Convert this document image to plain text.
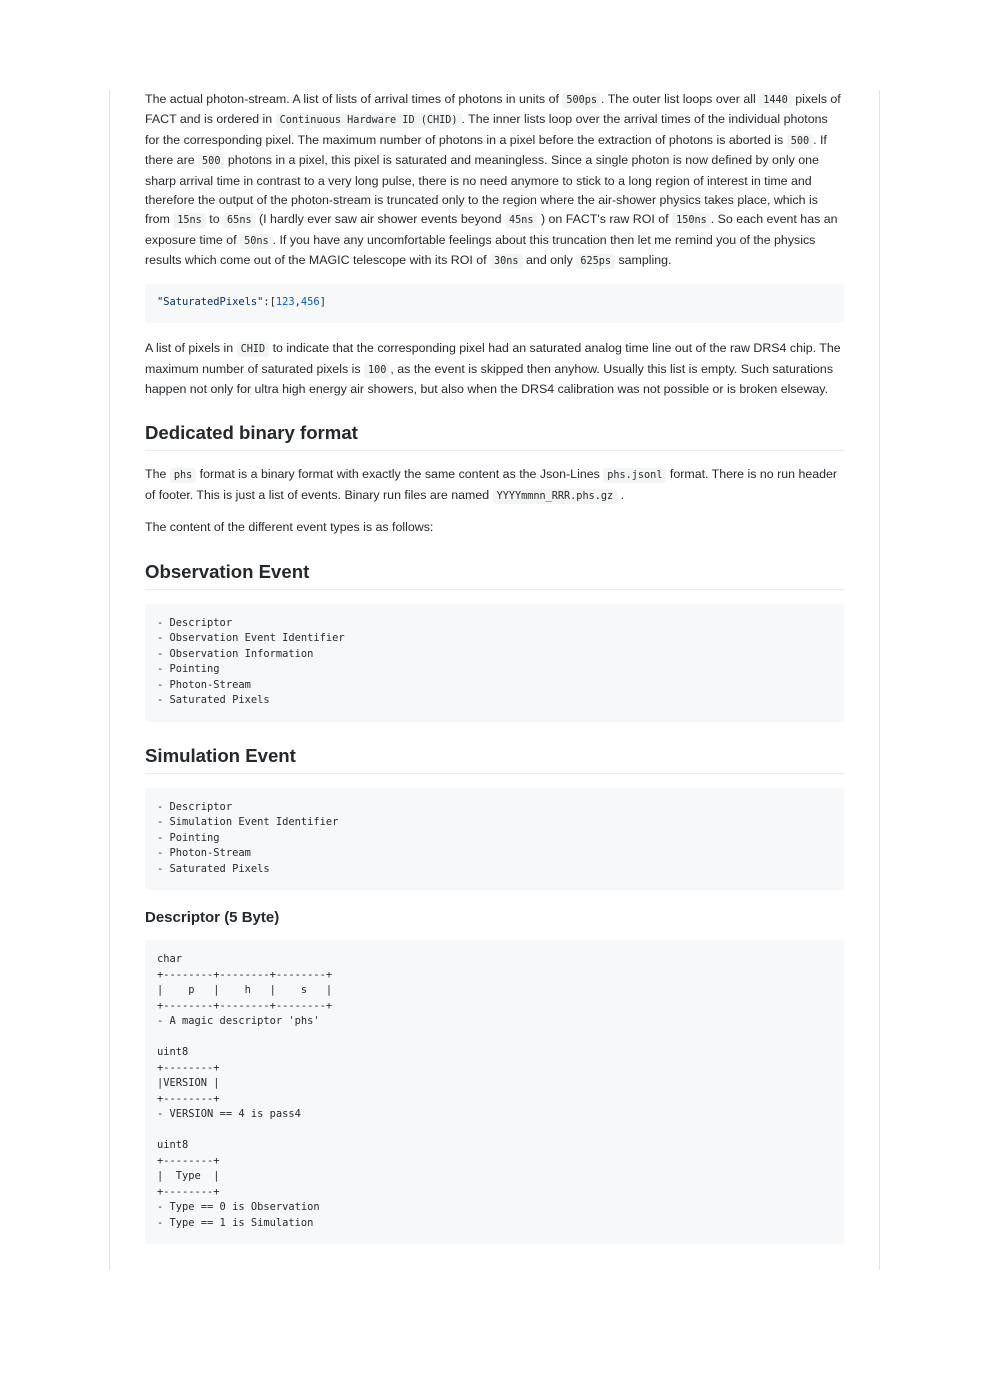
The actual photon-stream. A list of lists of arrival times of photons in units of 500ps . The outer list loops over all 1440 pixels of FACT and is ordered in Continuous Hardware ID (CHID) . The inner lists loop over the arrival times of the individual photons for the corresponding pixel. The maximum number of photons in a pixel before the extraction of photons is aborted is 500 . If there are 500 photons in a pixel, this pixel is saturated and meaningless. Since a single photon is now defined by only one sharp arrival time in contrast to a very long pulse, there is no need anymore to stick to a long region of interest in time and therefore the output of the photon-stream is truncated only to the region where the air-shower physics takes place, which is from 15ns to 65ns (I hardly ever saw air shower events beyond 45ns ) on FACT's raw ROI of 150ns . So each event has an exposure time of 50ns . If you have any uncomfortable feelings about this truncation then let me remind you of the physics results which come out of the MAGIC telescope with its ROI of 30ns and only 625ps sampling.

"SaturatedPixels":[123,456]

A list of pixels in CHID to indicate that the corresponding pixel had an saturated analog time line out of the raw DRS4 chip. The maximum number of saturated pixels is 100 , as the event is skipped then anyhow. Usually this list is empty. Such saturations happen not only for ultra high energy air showers, but also when the DRS4 calibration was not possible or is broken elseway.

Dedicated binary format

The phs format is a binary format with exactly the same content as the Json-Lines phs.jsonl format. There is no run header of footer. This is just a list of events. Binary run files are named YYYYmmnn_RRR.phs.gz .

The content of the different event types is as follows:

Observation Event
- Descriptor
- Observation Event Identifier
- Observation Information
- Pointing
- Photon-Stream
- Saturated Pixels
Simulation Event
- Descriptor
- Simulation Event Identifier
- Pointing
- Photon-Stream
- Saturated Pixels
Descriptor (5 Byte)
char
+--------+--------+--------+
|    p   |    h   |    s   |
+--------+--------+--------+
- A magic descriptor 'phs'

uint8
+--------+
|VERSION |
+--------+
- VERSION == 4 is pass4

uint8
+--------+
|  Type  |
+--------+
- Type == 0 is Observation
- Type == 1 is Simulation
